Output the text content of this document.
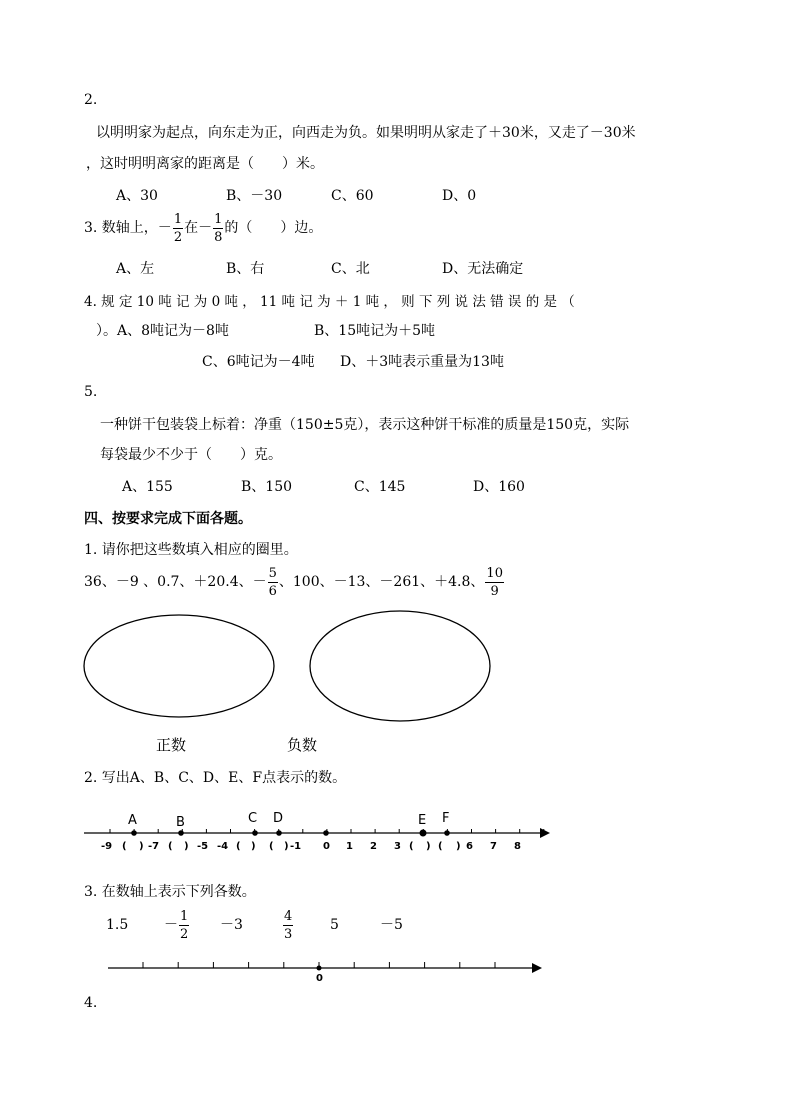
2.
以明明家为起点，向东走为正，向西走为负。如果明明从家走了＋30米，又走了－30米
，这时明明离家的距离是（　　）米。
A、30	B、－30	C、60	D、0
3. 数轴上，－ $\frac{1}{2}$ 在－ $\frac{1}{8}$ 的（　　）边。
A、左	B、右	C、北	D、无法确定
4. 规 定 10 吨 记 为 0 吨 ， 11 吨 记 为 ＋ 1 吨 ， 则 下 列 说 法 错 误 的 是 （
）。A、8吨记为－8吨	B、15吨记为＋5吨
C、6吨记为－4吨 D、＋3吨表示重量为13吨
5.
一种饼干包装袋上标着：净重（150±5克），表示这种饼干标准的质量是150克，实际
每袋最少不少于（　　）克。
A、155	B、150	C、145	D、160
四、按要求完成下面各题。
1. 请你把这些数填入相应的圈里。
36、－9 、0.7、＋20.4、－ $\frac{5}{6}$ 、100、－13、－261、＋4.8、 $\frac{10}{9}$
正数	负数
2. 写出A、B、C、D、E、F点表示的数。
A	B	C D	E F
-9 ( ) -7 ( ) -5 -4 ( ) ( ) -1 0 1 2 3 ( ) ( ) 6 7 8
3. 在数轴上表示下列各数。
1.5	－ $\frac{1}{2} -3$	$\frac{4}{3}$	5	－5
0
4.
